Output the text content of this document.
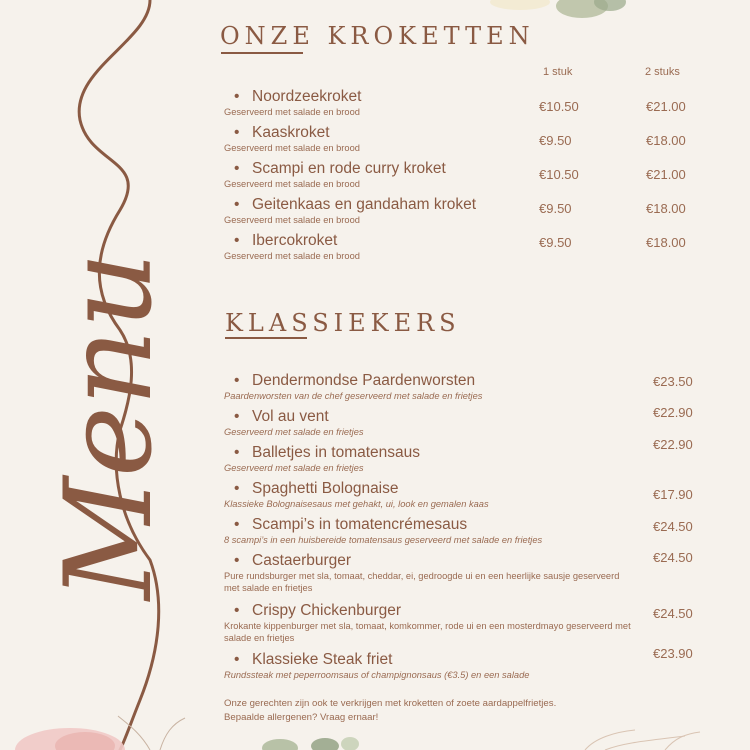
Menu
ONZE KROKETTEN
1 stuk	2 stuks
• Noordzeekroket
Geserveerd met salade en brood	€10.50	€21.00
• Kaaskroket
Geserveerd met salade en brood	€9.50	€18.00
• Scampi en rode curry kroket
Geserveerd met salade en brood
€10.50	€21.00
• Geitenkaas en gandaham kroket
Geserveerd met salade en brood
€9.50	€18.00
• Ibercokroket
Geserveerd met salade en brood
€9.50	€18.00
KLASSIEKERS
• Dendermondse Paardenworsten
Paardenworsten van de chef geserveerd met salade en frietjes
€23.50
• Vol au vent
Geserveerd met salade en frietjes
€22.90
• Balletjes in tomatensaus
Geserveerd met salade en frietjes
€22.90
• Spaghetti Bolognaise
Klassieke Bolognaisesaus met gehakt, ui, look en gemalen kaas
€17.90
• Scampi’s in tomatencrémesaus
8 scampi’s in een huisbereide tomatensaus geserveerd met salade en frietjes
€24.50
• Castaerburger
Pure rundsburger met sla, tomaat, cheddar, ei, gedroogde ui en een heerlijke sausje geserveerd met salade en frietjes
€24.50
• Crispy Chickenburger
Krokante kippenburger met sla, tomaat, komkommer, rode ui en een mosterdmayo geserveerd met salade en frietjes
€24.50
• Klassieke Steak friet
Rundssteak met peperroomsaus of champignonsaus (€3.5) en een salade
€23.90
Onze gerechten zijn ook te verkrijgen met kroketten of zoete aardappelfrietjes.
Bepaalde allergenen? Vraag ernaar!
